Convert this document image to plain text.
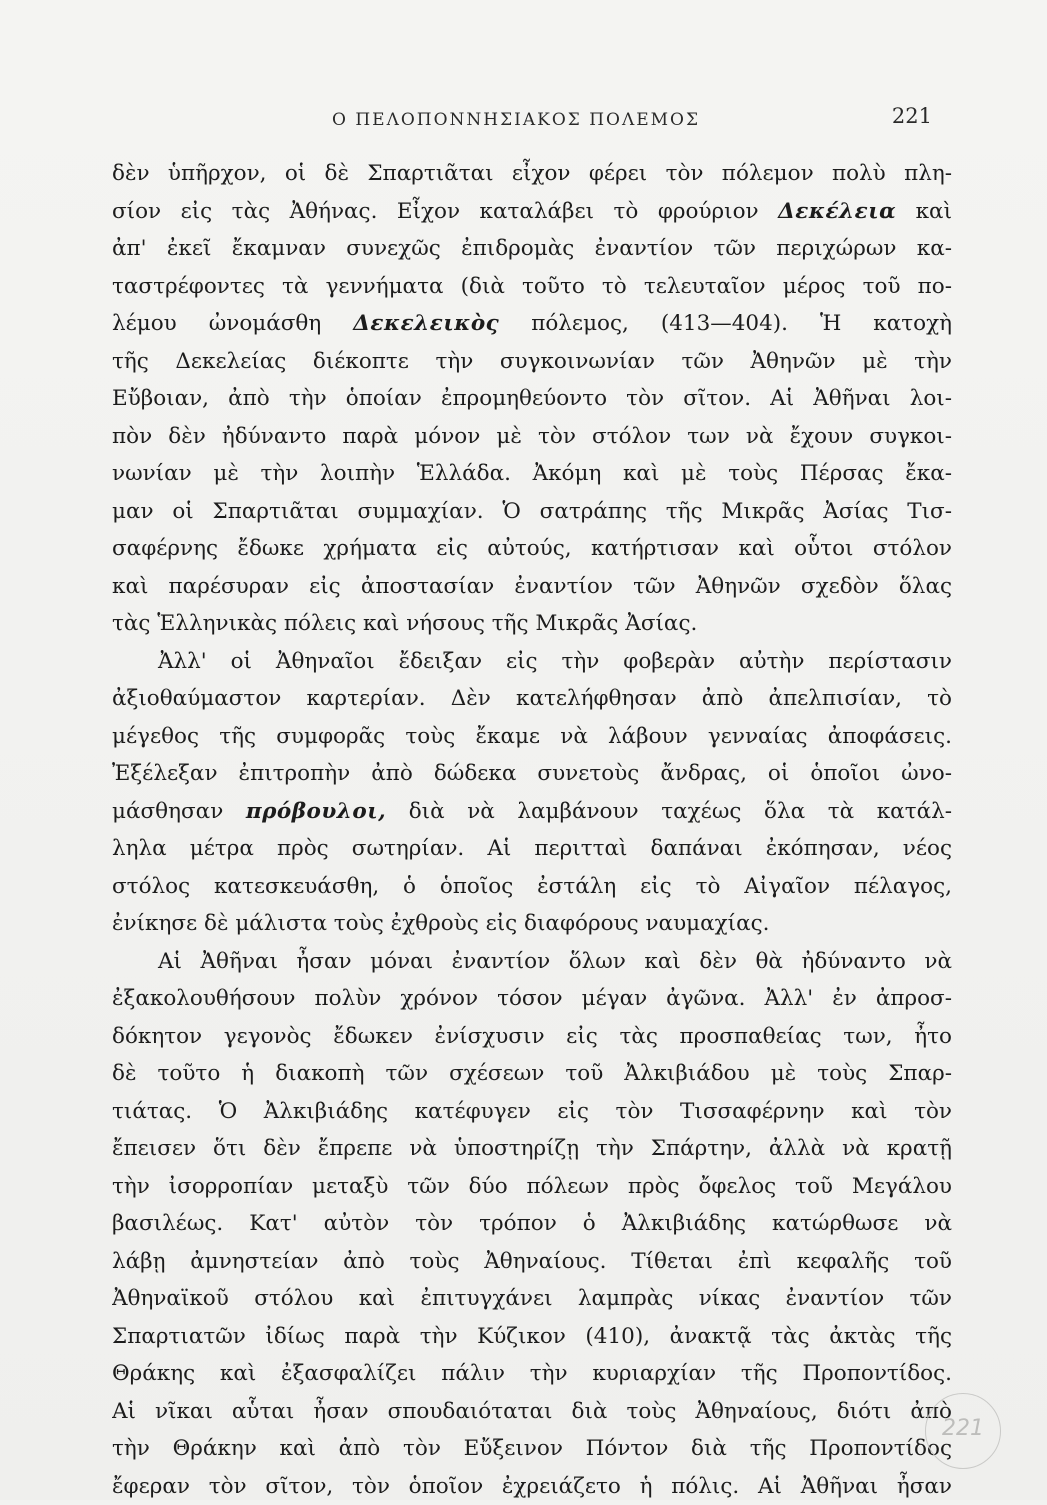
Ο ΠΕΛΟΠΟΝΝΗΣΙΑΚΟΣ ΠΟΛΕΜΟΣ	221
δὲν ὑπῆρχον, οἱ δὲ Σπαρτιᾶται εἶχον φέρει τὸν πόλεμον πολὺ πλη-
σίον εἰς τὰς Ἀθήνας. Εἶχον καταλάβει τὸ φρούριον Δεκέλεια καὶ
ἀπ' ἐκεῖ ἔκαμναν συνεχῶς ἐπιδρομὰς ἐναντίον τῶν περιχώρων κα-
ταστρέφοντες τὰ γεννήματα (διὰ τοῦτο τὸ τελευταῖον μέρος τοῦ πο-
λέμου ὠνομάσθη Δεκελεικὸς πόλεμος, (413—404). Ἡ κατοχὴ
τῆς Δεκελείας διέκοπτε τὴν συγκοινωνίαν τῶν Ἀθηνῶν μὲ τὴν
Εὔβοιαν, ἀπὸ τὴν ὁποίαν ἐπρομηθεύοντο τὸν σῖτον. Αἱ Ἀθῆναι λοι-
πὸν δὲν ἠδύναντο παρὰ μόνον μὲ τὸν στόλον των νὰ ἔχουν συγκοι-
νωνίαν μὲ τὴν λοιπὴν Ἑλλάδα. Ἀκόμη καὶ μὲ τοὺς Πέρσας ἔκα-
μαν οἱ Σπαρτιᾶται συμμαχίαν. Ὁ σατράπης τῆς Μικρᾶς Ἀσίας Τισ-
σαφέρνης ἔδωκε χρήματα εἰς αὐτούς, κατήρτισαν καὶ οὗτοι στόλον
καὶ παρέσυραν εἰς ἀποστασίαν ἐναντίον τῶν Ἀθηνῶν σχεδὸν ὅλας
τὰς Ἑλληνικὰς πόλεις καὶ νήσους τῆς Μικρᾶς Ἀσίας.
Ἀλλ' οἱ Ἀθηναῖοι ἔδειξαν εἰς τὴν φοβερὰν αὐτὴν περίστασιν
ἀξιοθαύμαστον καρτερίαν. Δὲν κατελήφθησαν ἀπὸ ἀπελπισίαν, τὸ
μέγεθος τῆς συμφορᾶς τοὺς ἔκαμε νὰ λάβουν γενναίας ἀποφάσεις.
Ἐξέλεξαν ἐπιτροπὴν ἀπὸ δώδεκα συνετοὺς ἄνδρας, οἱ ὁποῖοι ὠνο-
μάσθησαν πρόβουλοι, διὰ νὰ λαμβάνουν ταχέως ὅλα τὰ κατάλ-
ληλα μέτρα πρὸς σωτηρίαν. Αἱ περιτταὶ δαπάναι ἐκόπησαν, νέος
στόλος κατεσκευάσθη, ὁ ὁποῖος ἐστάλη εἰς τὸ Αἰγαῖον πέλαγος,
ἐνίκησε δὲ μάλιστα τοὺς ἐχθροὺς εἰς διαφόρους ναυμαχίας.
Αἱ Ἀθῆναι ἦσαν μόναι ἐναντίον ὅλων καὶ δὲν θὰ ἠδύναντο νὰ
ἐξακολουθήσουν πολὺν χρόνον τόσον μέγαν ἀγῶνα. Ἀλλ' ἐν ἀπροσ-
δόκητον γεγονὸς ἔδωκεν ἐνίσχυσιν εἰς τὰς προσπαθείας των, ἦτο
δὲ τοῦτο ἡ διακοπὴ τῶν σχέσεων τοῦ Ἀλκιβιάδου μὲ τοὺς Σπαρ-
τιάτας. Ὁ Ἀλκιβιάδης κατέφυγεν εἰς τὸν Τισσαφέρνην καὶ τὸν
ἔπεισεν ὅτι δὲν ἔπρεπε νὰ ὑποστηρίζῃ τὴν Σπάρτην, ἀλλὰ νὰ κρατῇ
τὴν ἰσορροπίαν μεταξὺ τῶν δύο πόλεων πρὸς ὄφελος τοῦ Μεγάλου
βασιλέως. Κατ' αὐτὸν τὸν τρόπον ὁ Ἀλκιβιάδης κατώρθωσε νὰ
λάβῃ ἀμνηστείαν ἀπὸ τοὺς Ἀθηναίους. Τίθεται ἐπὶ κεφαλῆς τοῦ
Ἀθηναϊκοῦ στόλου καὶ ἐπιτυγχάνει λαμπρὰς νίκας ἐναντίον τῶν
Σπαρτιατῶν ἰδίως παρὰ τὴν Κύζικον (410), ἀνακτᾷ τὰς ἀκτὰς τῆς
Θράκης καὶ ἐξασφαλίζει πάλιν τὴν κυριαρχίαν τῆς Προποντίδος.
Αἱ νῖκαι αὗται ἦσαν σπουδαιόταται διὰ τοὺς Ἀθηναίους, διότι ἀπὸ
τὴν Θράκην καὶ ἀπὸ τὸν Εὔξεινον Πόντον διὰ τῆς Προποντίδος
ἔφεραν τὸν σῖτον, τὸν ὁποῖον ἐχρειάζετο ἡ πόλις. Αἱ Ἀθῆναι ἦσαν
221
